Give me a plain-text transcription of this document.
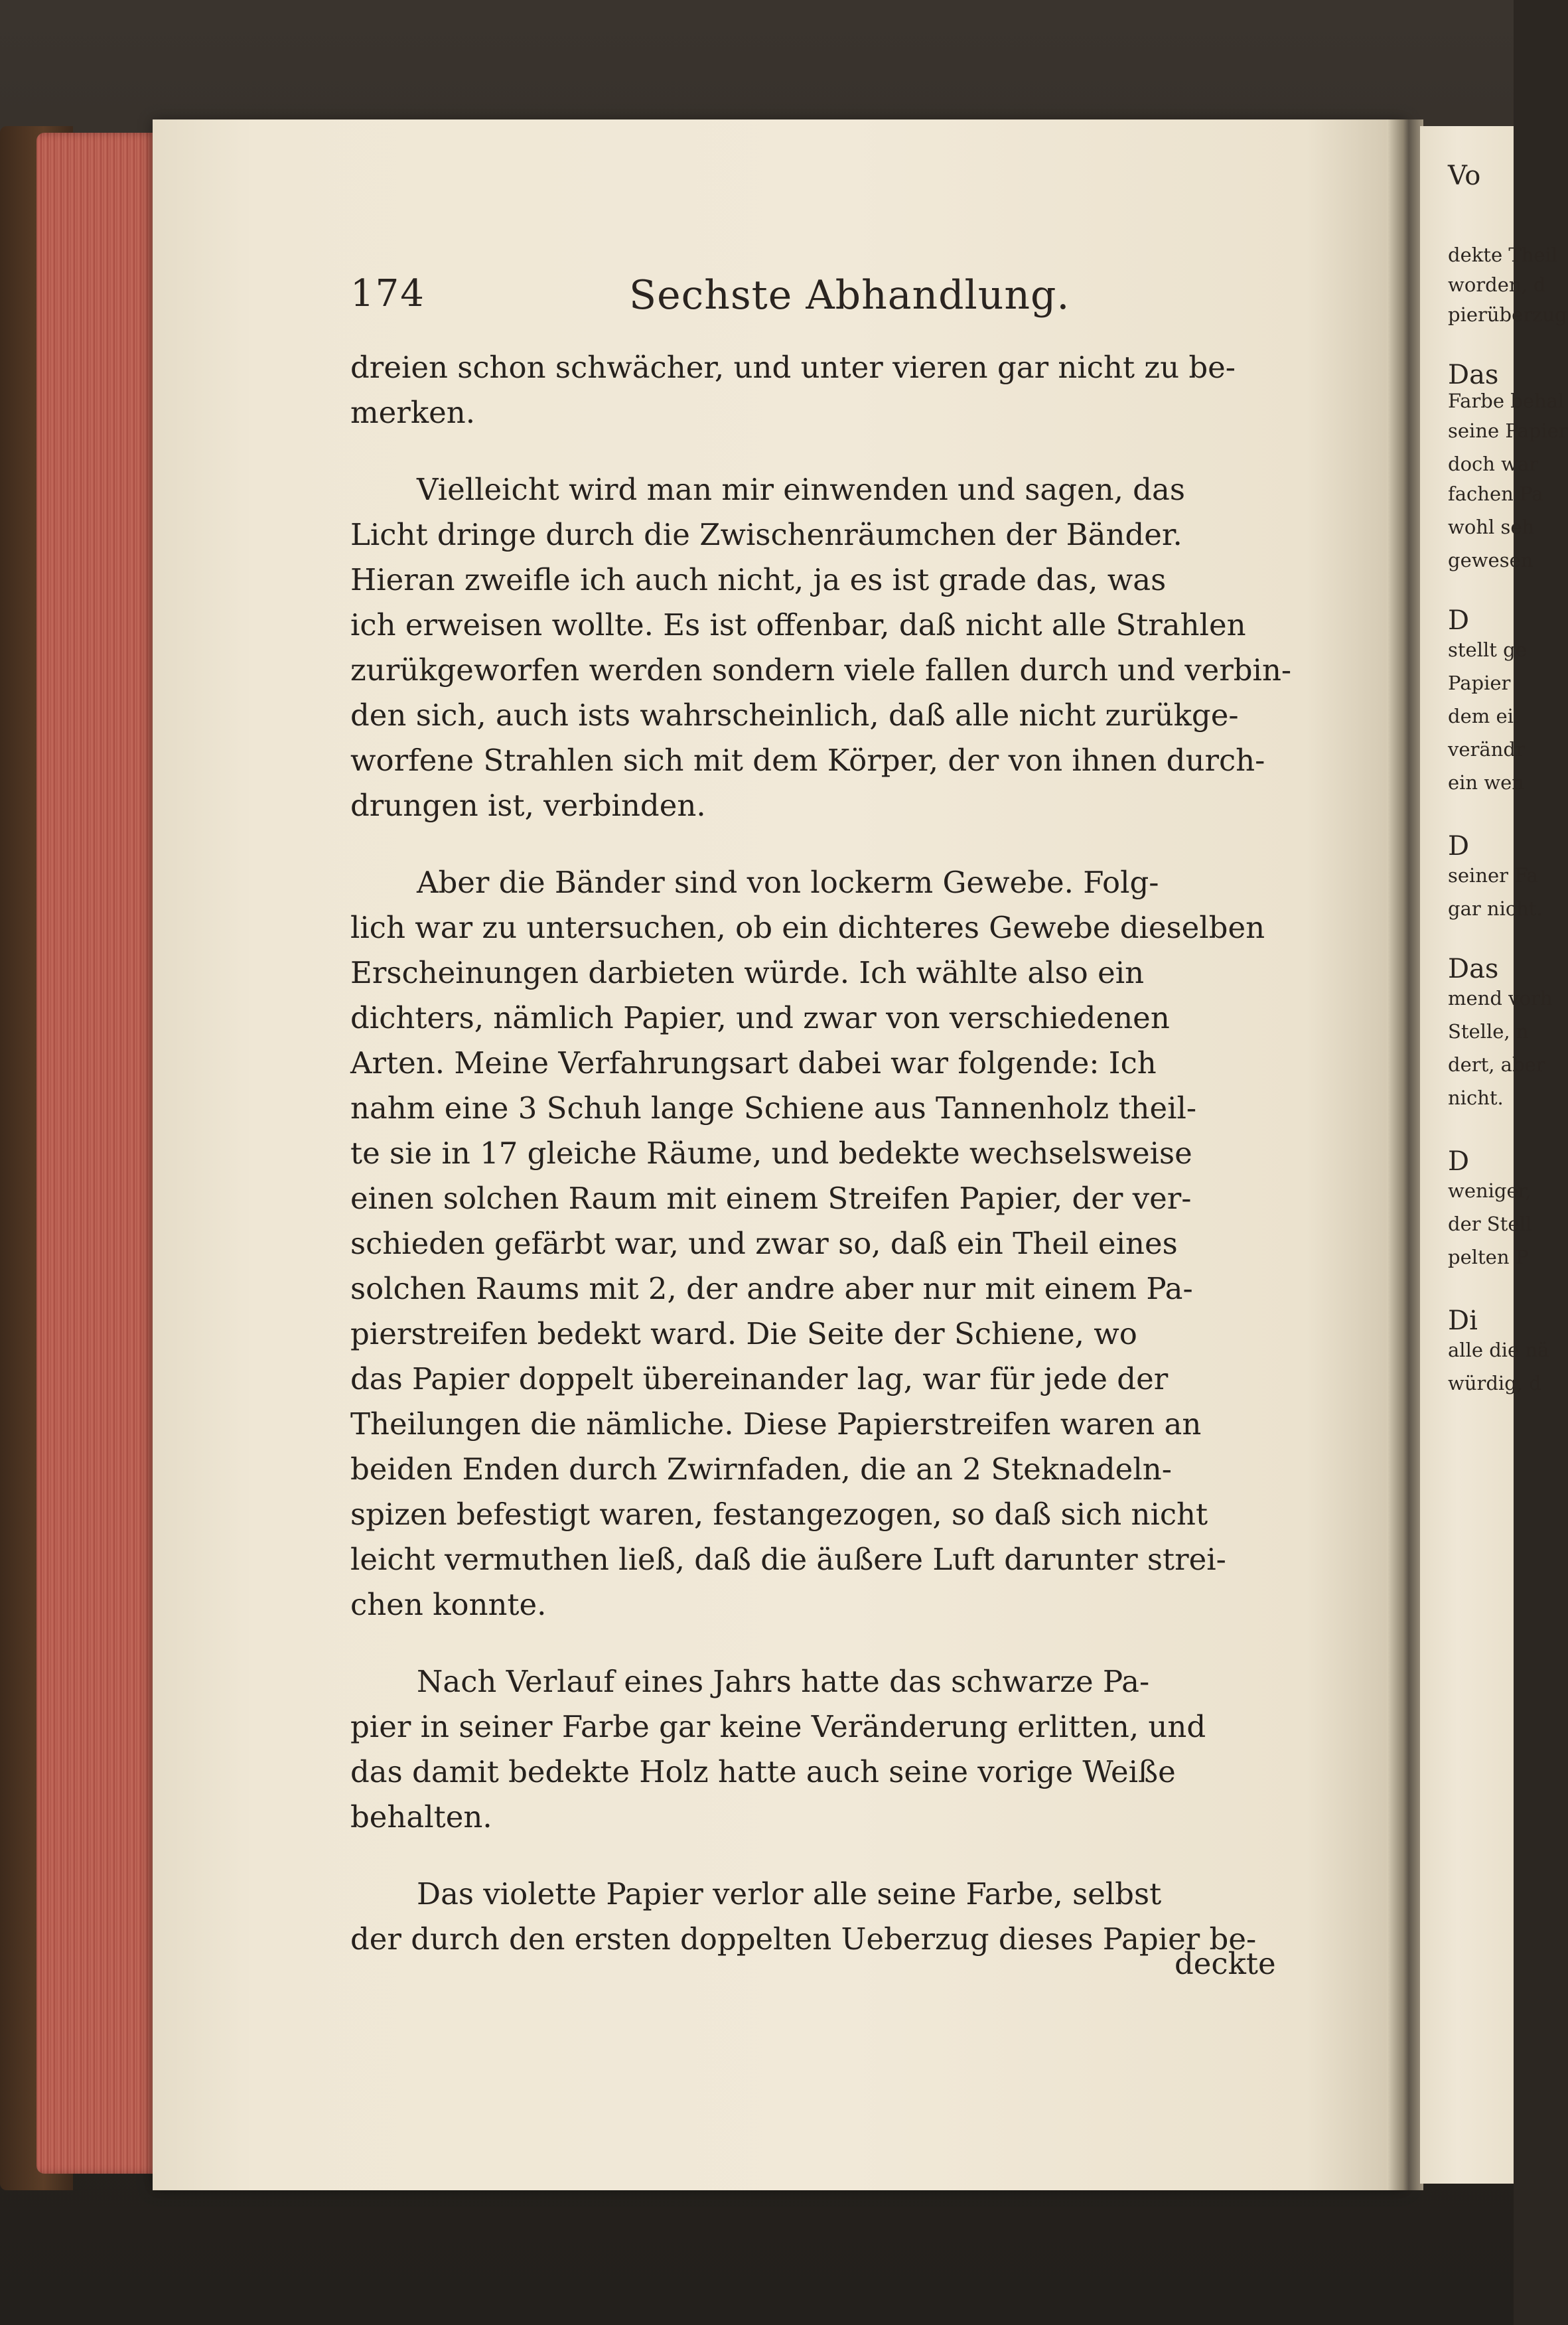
Vo
dekte Theil
worden, d
pierüberzug
Das
Farbe behal
seine Papier
doch war
fachen Pa
wohl seh
gewesen
D
stellt ge
Papier
dem ei
verändr
ein wen
D
seiner Fa
gar nicht.
Das
mend vorh
Stelle, n
dert, aber
nicht.
D
weniger,
der Stell
pelten P
Di
alle die nä
würdig, d
174	Sechste Abhandlung.
dreien schon schwächer, und unter vieren gar nicht zu be-
merken.
Vielleicht wird man mir einwenden und sagen, das
Licht dringe durch die Zwischenräumchen der Bänder.
Hieran zweifle ich auch nicht, ja es ist grade das, was
ich erweisen wollte. Es ist offenbar, daß nicht alle Strahlen
zurükgeworfen werden sondern viele fallen durch und verbin-
den sich, auch ists wahrscheinlich, daß alle nicht zurükge-
worfene Strahlen sich mit dem Körper, der von ihnen durch-
drungen ist, verbinden.
Aber die Bänder sind von lockerm Gewebe. Folg-
lich war zu untersuchen, ob ein dichteres Gewebe dieselben
Erscheinungen darbieten würde. Ich wählte also ein
dichters, nämlich Papier, und zwar von verschiedenen
Arten. Meine Verfahrungsart dabei war folgende: Ich
nahm eine 3 Schuh lange Schiene aus Tannenholz theil-
te sie in 17 gleiche Räume, und bedekte wechselsweise
einen solchen Raum mit einem Streifen Papier, der ver-
schieden gefärbt war, und zwar so, daß ein Theil eines
solchen Raums mit 2, der andre aber nur mit einem Pa-
pierstreifen bedekt ward. Die Seite der Schiene, wo
das Papier doppelt übereinander lag, war für jede der
Theilungen die nämliche. Diese Papierstreifen waren an
beiden Enden durch Zwirnfaden, die an 2 Steknadeln-
spizen befestigt waren, festangezogen, so daß sich nicht
leicht vermuthen ließ, daß die äußere Luft darunter strei-
chen konnte.
Nach Verlauf eines Jahrs hatte das schwarze Pa-
pier in seiner Farbe gar keine Veränderung erlitten, und
das damit bedekte Holz hatte auch seine vorige Weiße
behalten.
Das violette Papier verlor alle seine Farbe, selbst
der durch den ersten doppelten Ueberzug dieses Papier be-
deckte
